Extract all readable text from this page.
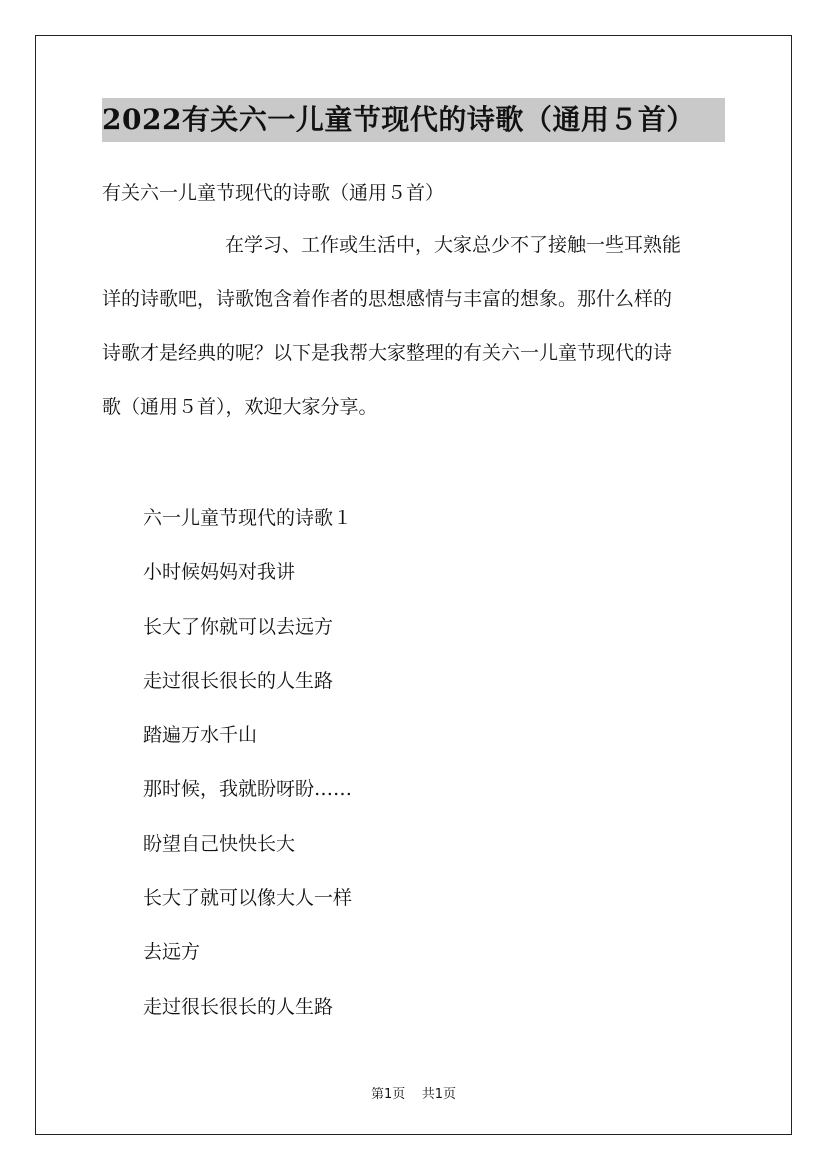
2022有关六一儿童节现代的诗歌（通用５首）
有关六一儿童节现代的诗歌（通用５首）
在学习、工作或生活中，大家总少不了接触一些耳熟能
详的诗歌吧，诗歌饱含着作者的思想感情与丰富的想象。那什么样的
诗歌才是经典的呢？以下是我帮大家整理的有关六一儿童节现代的诗
歌（通用５首），欢迎大家分享。
六一儿童节现代的诗歌１
小时候妈妈对我讲
长大了你就可以去远方
走过很长很长的人生路
踏遍万水千山
那时候，我就盼呀盼……
盼望自己快快长大
长大了就可以像大人一样
去远方
走过很长很长的人生路
第1页 共1页
